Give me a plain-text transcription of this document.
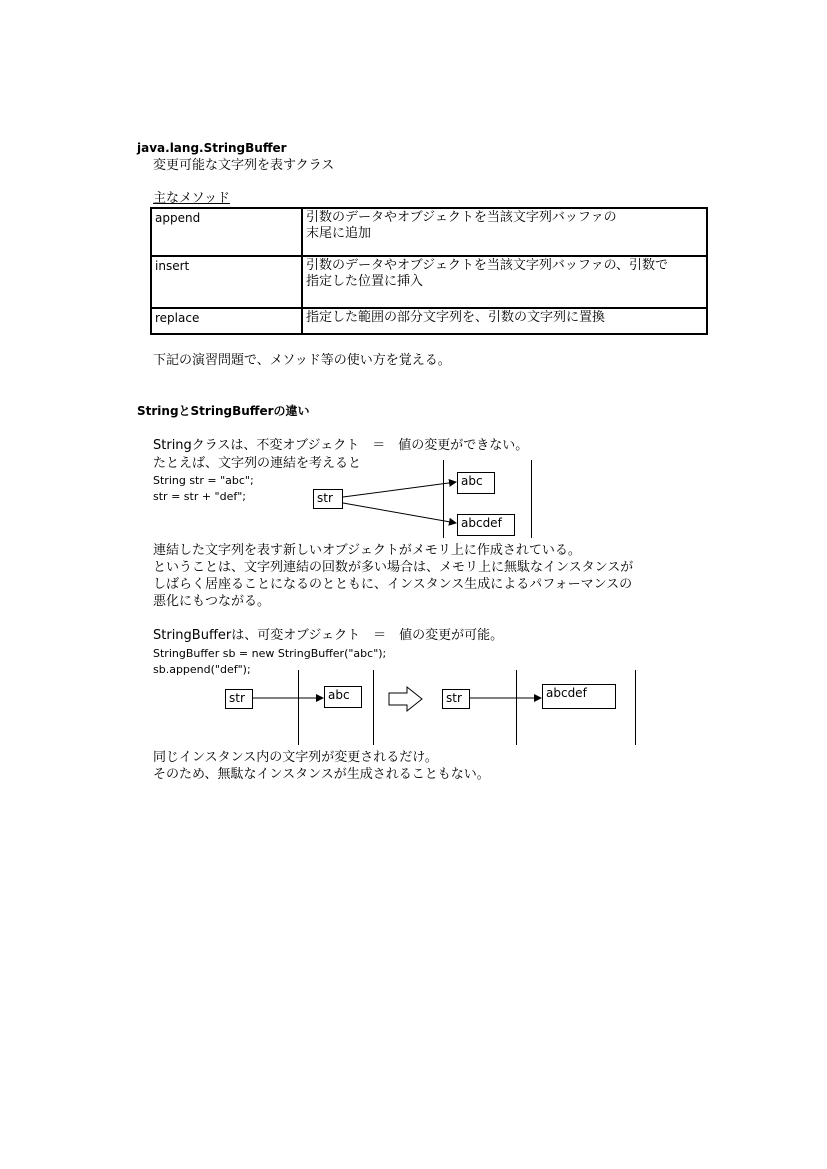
java.lang.StringBuffer
変更可能な文字列を表すクラス
主なメソッド
append	引数のデータやオブジェクトを当該文字列バッファの
末尾に追加

insert	引数のデータやオブジェクトを当該文字列バッファの、引数で
指定した位置に挿入

replace	指定した範囲の部分文字列を、引数の文字列に置換
下記の演習問題で、メソッド等の使い方を覚える。
StringとStringBufferの違い
Stringクラスは、不変オブジェクト　＝　値の変更ができない。
たとえば、文字列の連結を考えると
String str = "abc";
str = str + "def";	str
abc
abcdef
連結した文字列を表す新しいオブジェクトがメモリ上に作成されている。
ということは、文字列連結の回数が多い場合は、メモリ上に無駄なインスタンスが
しばらく居座ることになるのとともに、インスタンス生成によるパフォーマンスの
悪化にもつながる。
StringBufferは、可変オブジェクト　＝　値の変更が可能。
StringBuffer sb = new StringBuffer("abc");
sb.append("def");
str	abc	str	abcdef
同じインスタンス内の文字列が変更されるだけ。
そのため、無駄なインスタンスが生成されることもない。
